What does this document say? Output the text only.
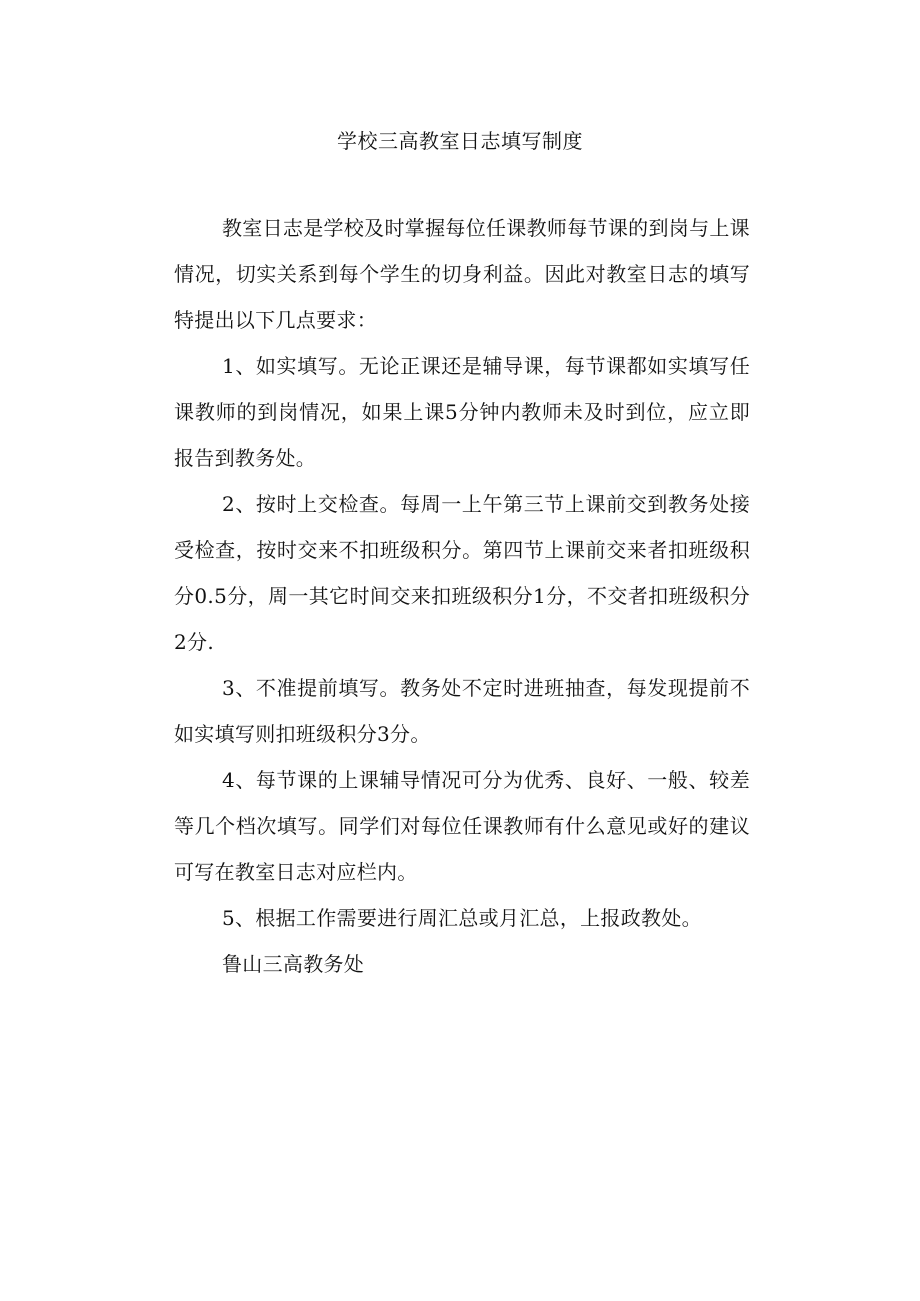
学校三高教室日志填写制度

教室日志是学校及时掌握每位任课教师每节课的到岗与上课情况，切实关系到每个学生的切身利益。因此对教室日志的填写特提出以下几点要求：

1、如实填写。无论正课还是辅导课，每节课都如实填写任课教师的到岗情况，如果上课5分钟内教师未及时到位，应立即报告到教务处。

2、按时上交检查。每周一上午第三节上课前交到教务处接受检查，按时交来不扣班级积分。第四节上课前交来者扣班级积分0.5分，周一其它时间交来扣班级积分1分，不交者扣班级积分2分.

3、不准提前填写。教务处不定时进班抽查，每发现提前不如实填写则扣班级积分3分。

4、每节课的上课辅导情况可分为优秀、良好、一般、较差等几个档次填写。同学们对每位任课教师有什么意见或好的建议可写在教室日志对应栏内。

5、根据工作需要进行周汇总或月汇总，上报政教处。

鲁山三高教务处
